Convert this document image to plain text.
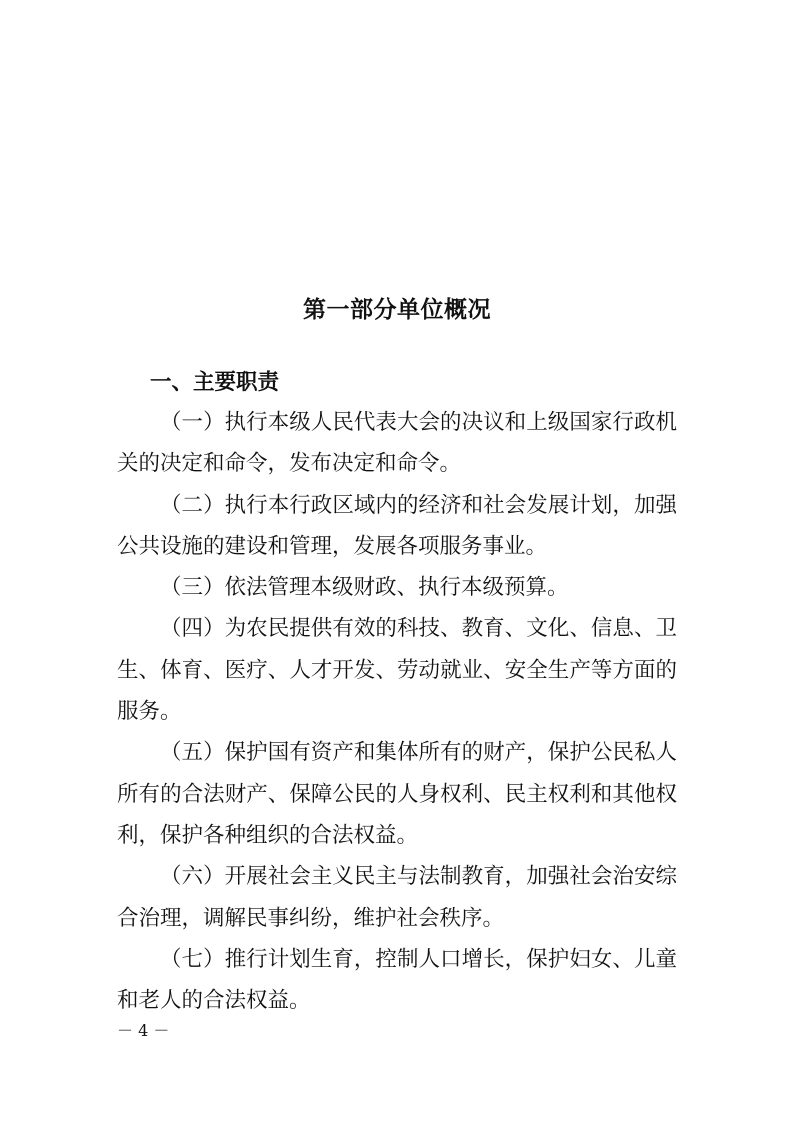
第一部分单位概况
一、主要职责
（一）执行本级人民代表大会的决议和上级国家行政机
关的决定和命令，发布决定和命令。
（二）执行本行政区域内的经济和社会发展计划，加强
公共设施的建设和管理，发展各项服务事业。
（三）依法管理本级财政、执行本级预算。
（四）为农民提供有效的科技、教育、文化、信息、卫
生、体育、医疗、人才开发、劳动就业、安全生产等方面的
服务。
（五）保护国有资产和集体所有的财产，保护公民私人
所有的合法财产、保障公民的人身权利、民主权利和其他权
利，保护各种组织的合法权益。
（六）开展社会主义民主与法制教育，加强社会治安综
合治理，调解民事纠纷，维护社会秩序。
（七）推行计划生育，控制人口增长，保护妇女、儿童
和老人的合法权益。
－ 4 －
